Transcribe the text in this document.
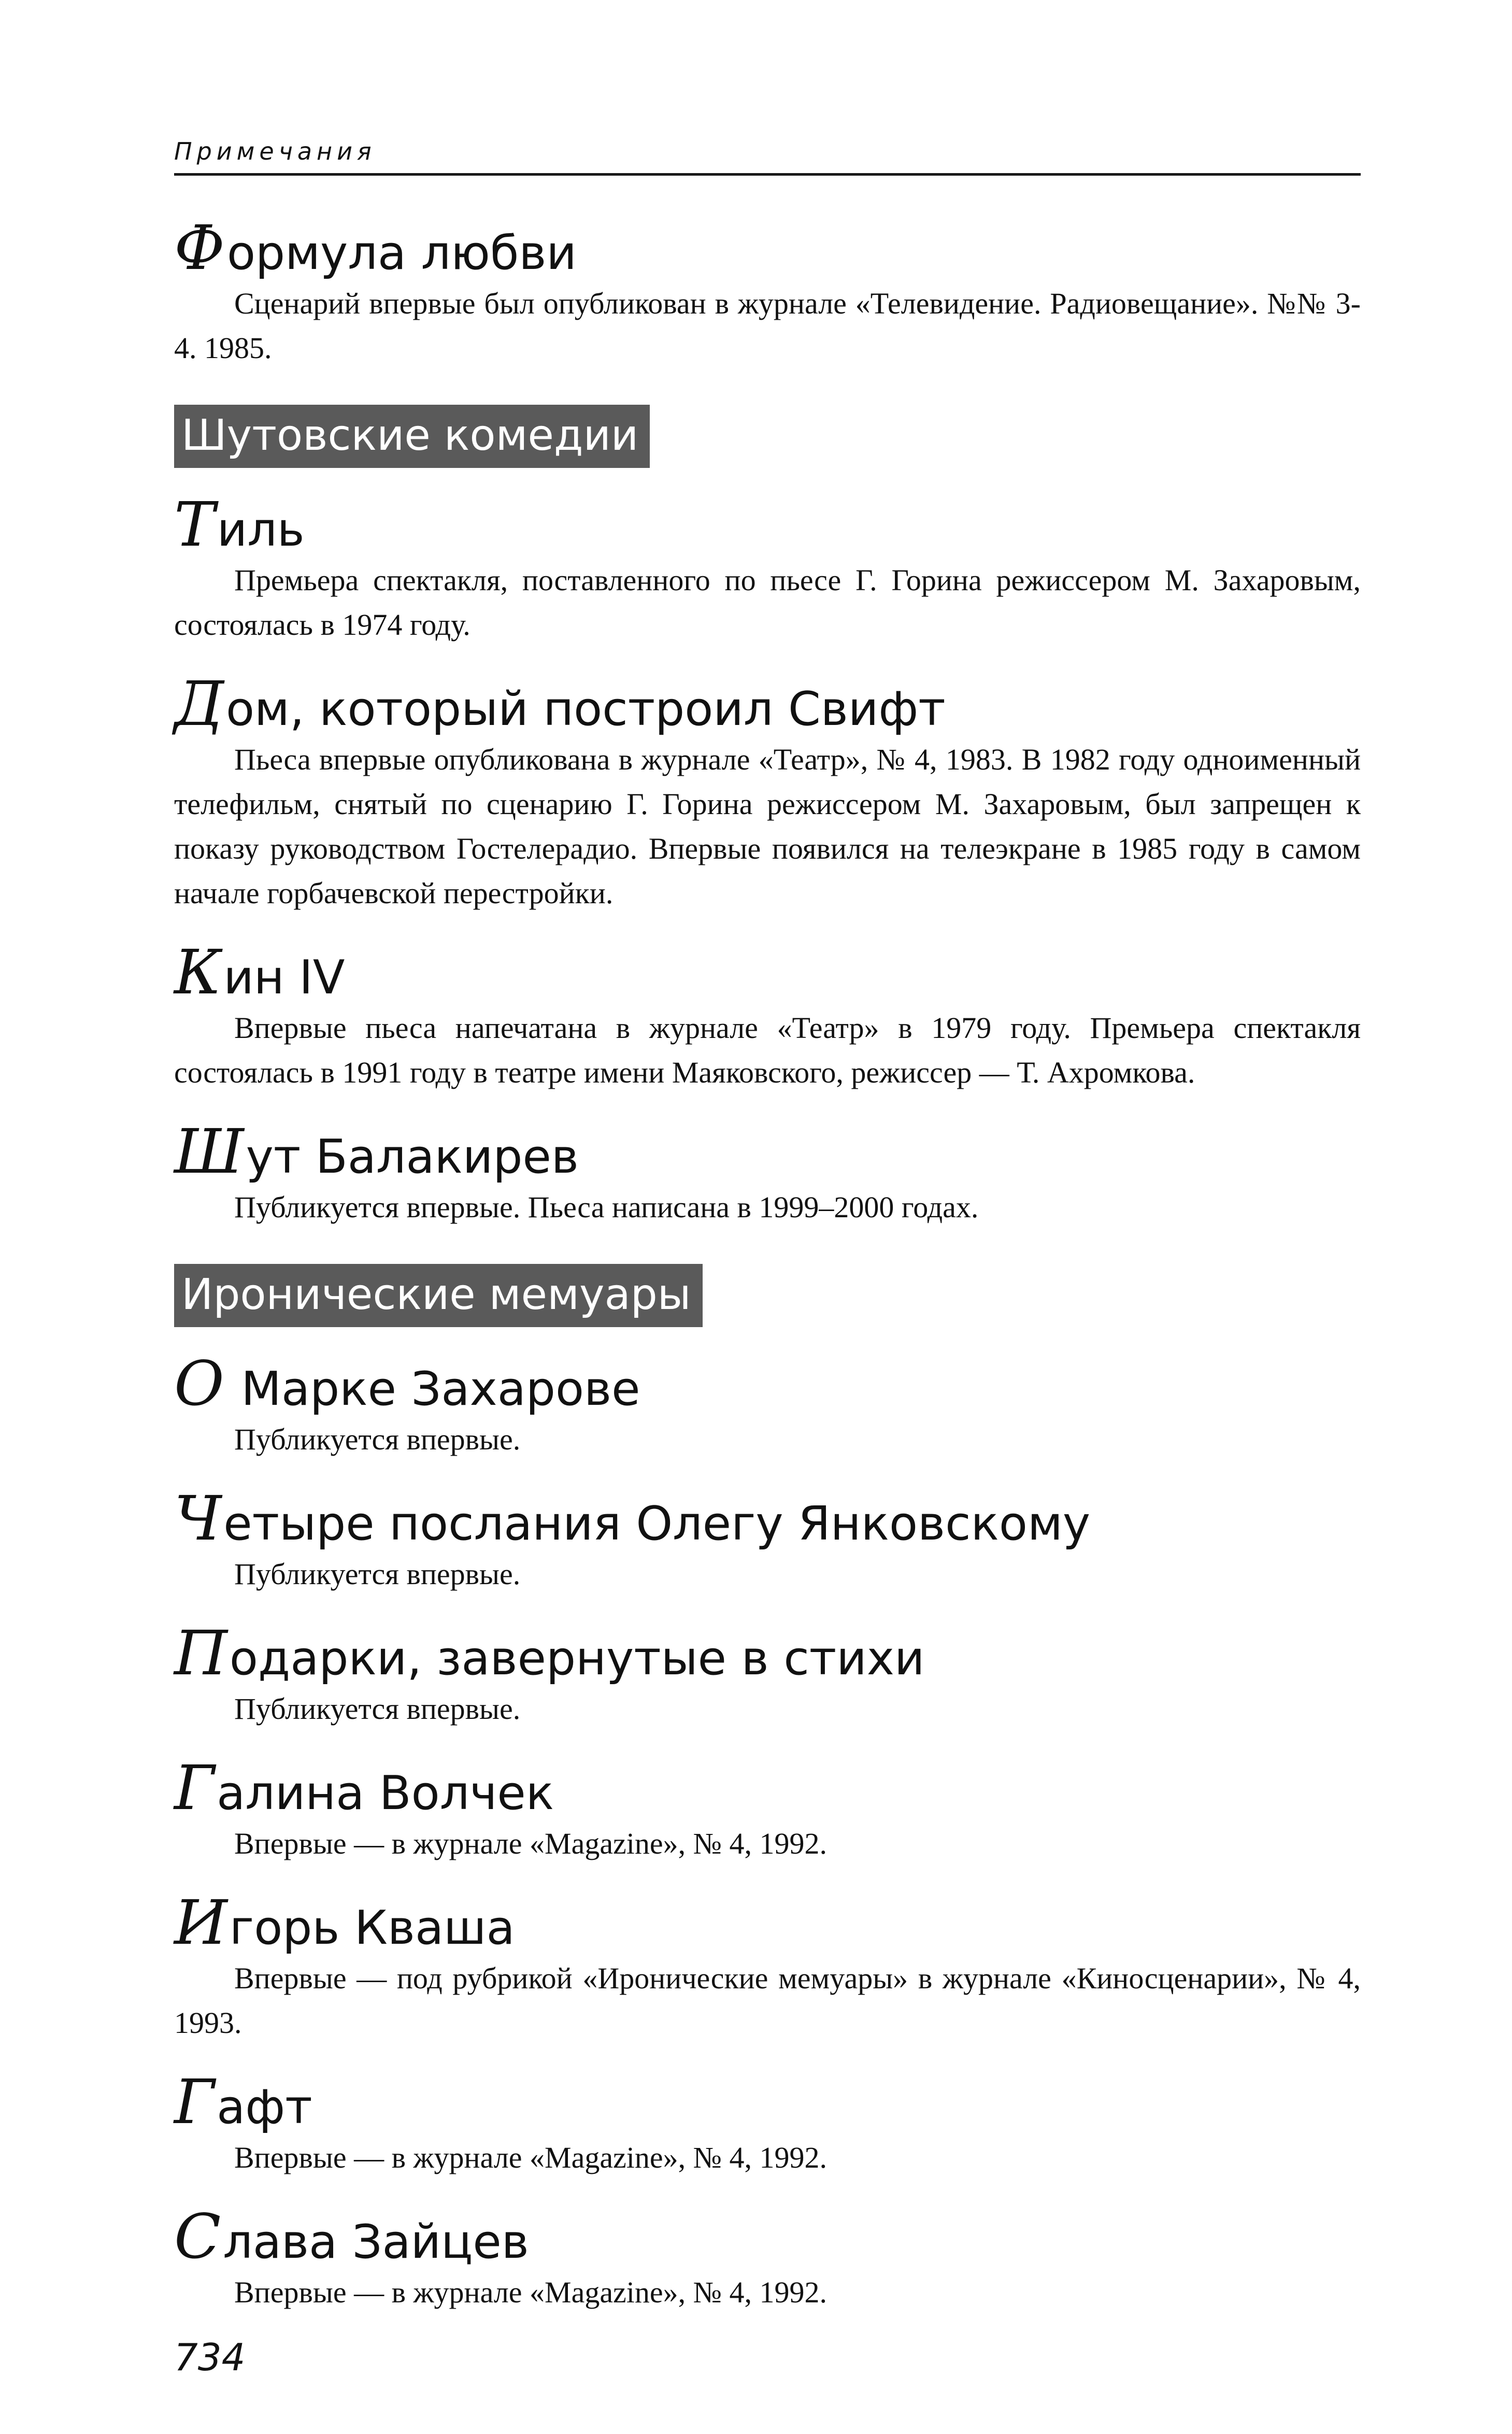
Примечания
Формула любви

Сценарий впервые был опубликован в журнале «Телевидение. Радиовещание». №№ 3-4. 1985.

Шутовские комедии
Тиль

Премьера спектакля, поставленного по пьесе Г. Горина режиссером М. Захаровым, состоялась в 1974 году.

Дом, который построил Свифт

Пьеса впервые опубликована в журнале «Театр», № 4, 1983. В 1982 году одноименный телефильм, снятый по сценарию Г. Горина режиссером М. Захаровым, был запрещен к показу руководством Гостелерадио. Впервые появился на телеэкране в 1985 году в самом начале горбачевской перестройки.

Кин IV

Впервые пьеса напечатана в журнале «Театр» в 1979 году. Премьера спектакля состоялась в 1991 году в театре имени Маяковского, режиссер — Т. Ахромкова.

Шут Балакирев

Публикуется впервые. Пьеса написана в 1999–2000 годах.

Иронические мемуары
О Марке Захарове

Публикуется впервые.

Четыре послания Олегу Янковскому

Публикуется впервые.

Подарки, завернутые в стихи

Публикуется впервые.

Галина Волчек

Впервые — в журнале «Magazine», № 4, 1992.

Игорь Кваша

Впервые — под рубрикой «Иронические мемуары» в журнале «Киносценарии», № 4, 1993.

Гафт

Впервые — в журнале «Magazine», № 4, 1992.

Слава Зайцев

Впервые — в журнале «Magazine», № 4, 1992.

734
